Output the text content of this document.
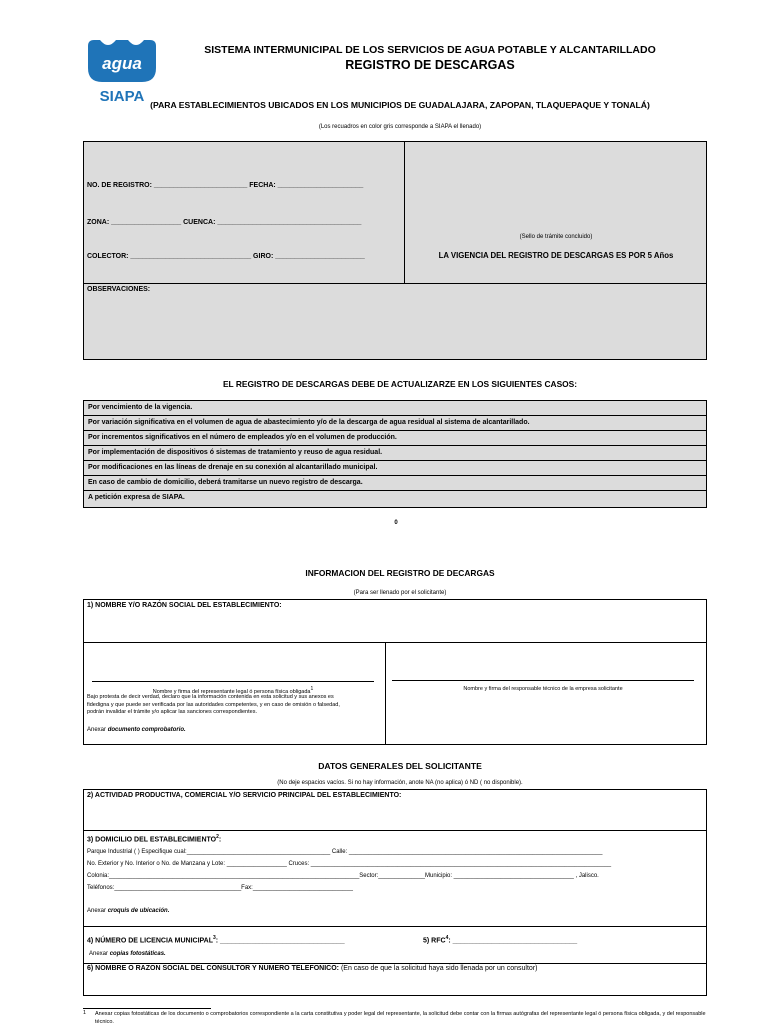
agua
SIAPA
SISTEMA INTERMUNICIPAL DE LOS SERVICIOS DE AGUA POTABLE Y ALCANTARILLADO
REGISTRO DE DESCARGAS
(PARA ESTABLECIMIENTOS UBICADOS EN LOS MUNICIPIOS DE GUADALAJARA, ZAPOPAN, TLAQUEPAQUE Y TONALÁ)
(Los recuadros en color gris corresponde a SIAPA el llenado)
NO. DE REGISTRO: ________________________ FECHA: ______________________
ZONA: __________________ CUENCA: _____________________________________
COLECTOR: _______________________________ GIRO: _______________________
(Sello de trámite concluido)
LA VIGENCIA DEL REGISTRO DE DESCARGAS ES POR 5 Años
OBSERVACIONES:
EL REGISTRO DE DESCARGAS DEBE DE ACTUALIZARZE EN LOS SIGUIENTES CASOS:
Por vencimiento de la vigencia.
Por variación significativa en el volumen de agua de abastecimiento y/o de la descarga de agua residual al sistema de alcantarillado.
Por incrementos significativos en el número de empleados y/o en el volumen de producción.
Por implementación de dispositivos ó sistemas de tratamiento y reuso de agua residual.
Por modificaciones en las líneas de drenaje en su conexión al alcantarillado municipal.
En caso de cambio de domicilio, deberá tramitarse un nuevo registro de descarga.
A petición expresa de SIAPA.
0
INFORMACION DEL REGISTRO DE DECARGAS
(Para ser llenado por el solicitante)
1) NOMBRE Y/O RAZÓN SOCIAL DEL ESTABLECIMIENTO:
Nombre y firma del representante legal ó persona física obligada$^1$
Bajo protesta de decir verdad, declaro que la información contenida en esta solicitud y sus anexos es fidedigna y que puede ser verificada por las autoridades competentes, y en caso de omisión o falsedad, podrán invalidar el trámite y/o aplicar las sanciones correspondientes.
Anexar documento comprobatorio.
Nombre y firma del responsable técnico de la empresa solicitante
DATOS GENERALES DEL SOLICITANTE
(No deje espacios vacíos. Si no hay información, anote NA (no aplica) ó ND ( no disponible).
2) ACTIVIDAD PRODUCTIVA, COMERCIAL Y/O SERVICIO PRINCIPAL DEL ESTABLECIMIENTO:
3) DOMICILIO DEL ESTABLECIMIENTO$^2$:
Parque Industrial ( ) Especifique cual:___________________________________________ Calle: ____________________________________________________________________________
No. Exterior y No. Interior o No. de Manzana y Lote: __________________ Cruces: __________________________________________________________________________________________
Colonia:___________________________________________________________________________Sector:______________Municipio: ____________________________________ , Jalisco.
Teléfonos:______________________________________Fax:______________________________
Anexar croquis de ubicación.
4) NÚMERO DE LICENCIA MUNICIPAL$^3$: ________________________________	5) RFC$^4$: ________________________________
Anexar copias fotostáticas.
6) NOMBRE O RAZON SOCIAL DEL CONSULTOR Y NUMERO TELEFONICO: (En caso de que la solicitud haya sido llenada por un consultor)
1 Anexar copias fotostáticas de los documento o comprobatorios correspondiente a la carta constitutiva y poder legal del representante, la solicitud debe contar con la firmas autógrafas del representante legal ó persona física obligada, y del responsable técnico.
